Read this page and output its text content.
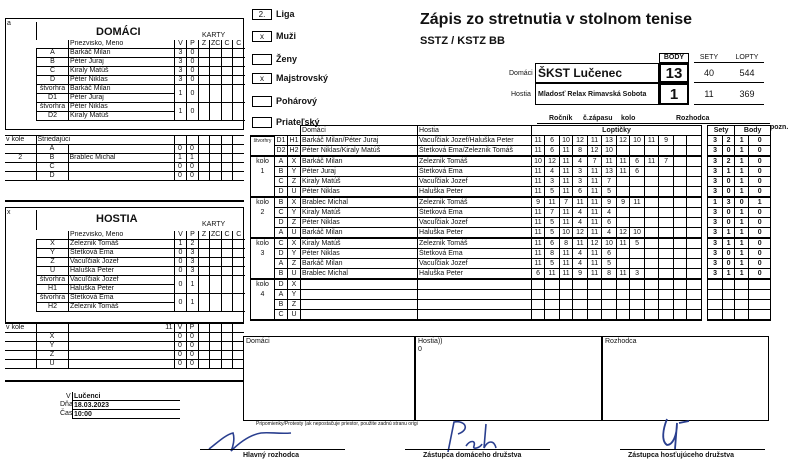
a
DOMÁCI	KARTY
	Priezvisko, Meno	V	P	Ž	ŽČ	Č	Č
A	Barkáč Milan	3	0				
B	Péter Juraj	3	0				
C	Kiraly Matúš	3	0				
D	Péter Niklas	3	0				
štvorhra	Barkáč Milan	1	0				
D1	Péter Juraj						
štvorhra	Péter Niklas	1	0				
D2	Kiraly Matúš						
v kole	Striedajúci							
	A		0	0				
2	B	Brablec Michal	1	1				
	C		0	0				
	D		0	0				
x
HOSTIA	KARTY
	Priezvisko, Meno	V	P	Ž	ŽČ	Č	Č
X	Zeleznik Tomáš	1	2				
Y	Štetková Ema	0	3				
Z	Vacuľčiak Jozef	0	3				
U	Haluška Peter	0	3				
štvorhra	Vacuľčiak Jozef	0	1				
H1	Haluška Peter						
štvorhra	Štetková Ema	0	1				
H2	Zeleznik Tomáš						
v kole		11	V	P				
	X		0	0				
	Y		0	0				
	Z		0	0				
	U		0	0				
V Lučenci
Dňa 18.03.2023
Čas 10:00
2.	Liga
x	Muži
Ženy
x	Majstrovský
Pohárový
Priateľský
Zápis zo stretnutia v stolnom tenise
SSTZ / KSTZ BB
BODY	SETY	LOPTY
Domáci ŠKST Lučenec	13	40	544
Hostia Mladosť Relax Rimavská Sobota	1	11	369
Ročník č.zápasu kolo	Rozhodca
pozn.
			Domáci	Hostia	Loptičky													Sety		Body	
štvorhry	D1	H1	Barkáč Milan/Péter Juraj	Vacuľčiak Jozef/Haluška Peter	11	6	10	12	11	13	12	10	11	9				3	2	1	0
	D2	H2	Péter Niklas/Kiraly Matúš	Štetková Ema/Zeleznik Tomáš	11	6	11	8	12	10								3	0	1	0
kolo	A	X	Barkáč Milan	Zeleznik Tomáš	10	12	11	4	7	11	11	6	11	7				3	2	1	0
1	B	Y	Péter Juraj	Štetková Ema	11	4	11	3	11	13	11	6						3	1	1	0
	C	Z	Kiraly Matúš	Vacuľčiak Jozef	11	3	11	3	11	7								3	0	1	0
	D	U	Péter Niklas	Haluška Peter	11	5	11	6	11	5								3	0	1	0
kolo	B	X	Brablec Michal	Zeleznik Tomáš	9	11	7	11	11	9	9	11						1	3	0	1
2	C	Y	Kiraly Matúš	Štetková Ema	11	7	11	4	11	4								3	0	1	0
	D	Z	Péter Niklas	Vacuľčiak Jozef	11	5	11	4	11	6								3	0	1	0
	A	U	Barkáč Milan	Haluška Peter	11	5	10	12	11	4	12	10						3	1	1	0
kolo	C	X	Kiraly Matúš	Zeleznik Tomáš	11	6	8	11	12	10	11	5						3	1	1	0
3	D	Y	Péter Niklas	Štetková Ema	11	8	11	4	11	6								3	0	1	0
	A	Z	Barkáč Milan	Vacuľčiak Jozef	11	5	11	4	11	5								3	0	1	0
	B	U	Brablec Michal	Haluška Peter	6	11	11	9	11	8	11	3						3	1	1	0
kolo	D	X																			
4	A	Y																			
	B	Z																			
	C	U																			
Domáci	Hostia))
0
Rozhodca
Pripomienky/Protesty (ak nepostačuje priestor, použite zadnú stranu origi
Hlavný rozhodca	Zástupca domáceho družstva	Zástupca hosťujúceho družstva
